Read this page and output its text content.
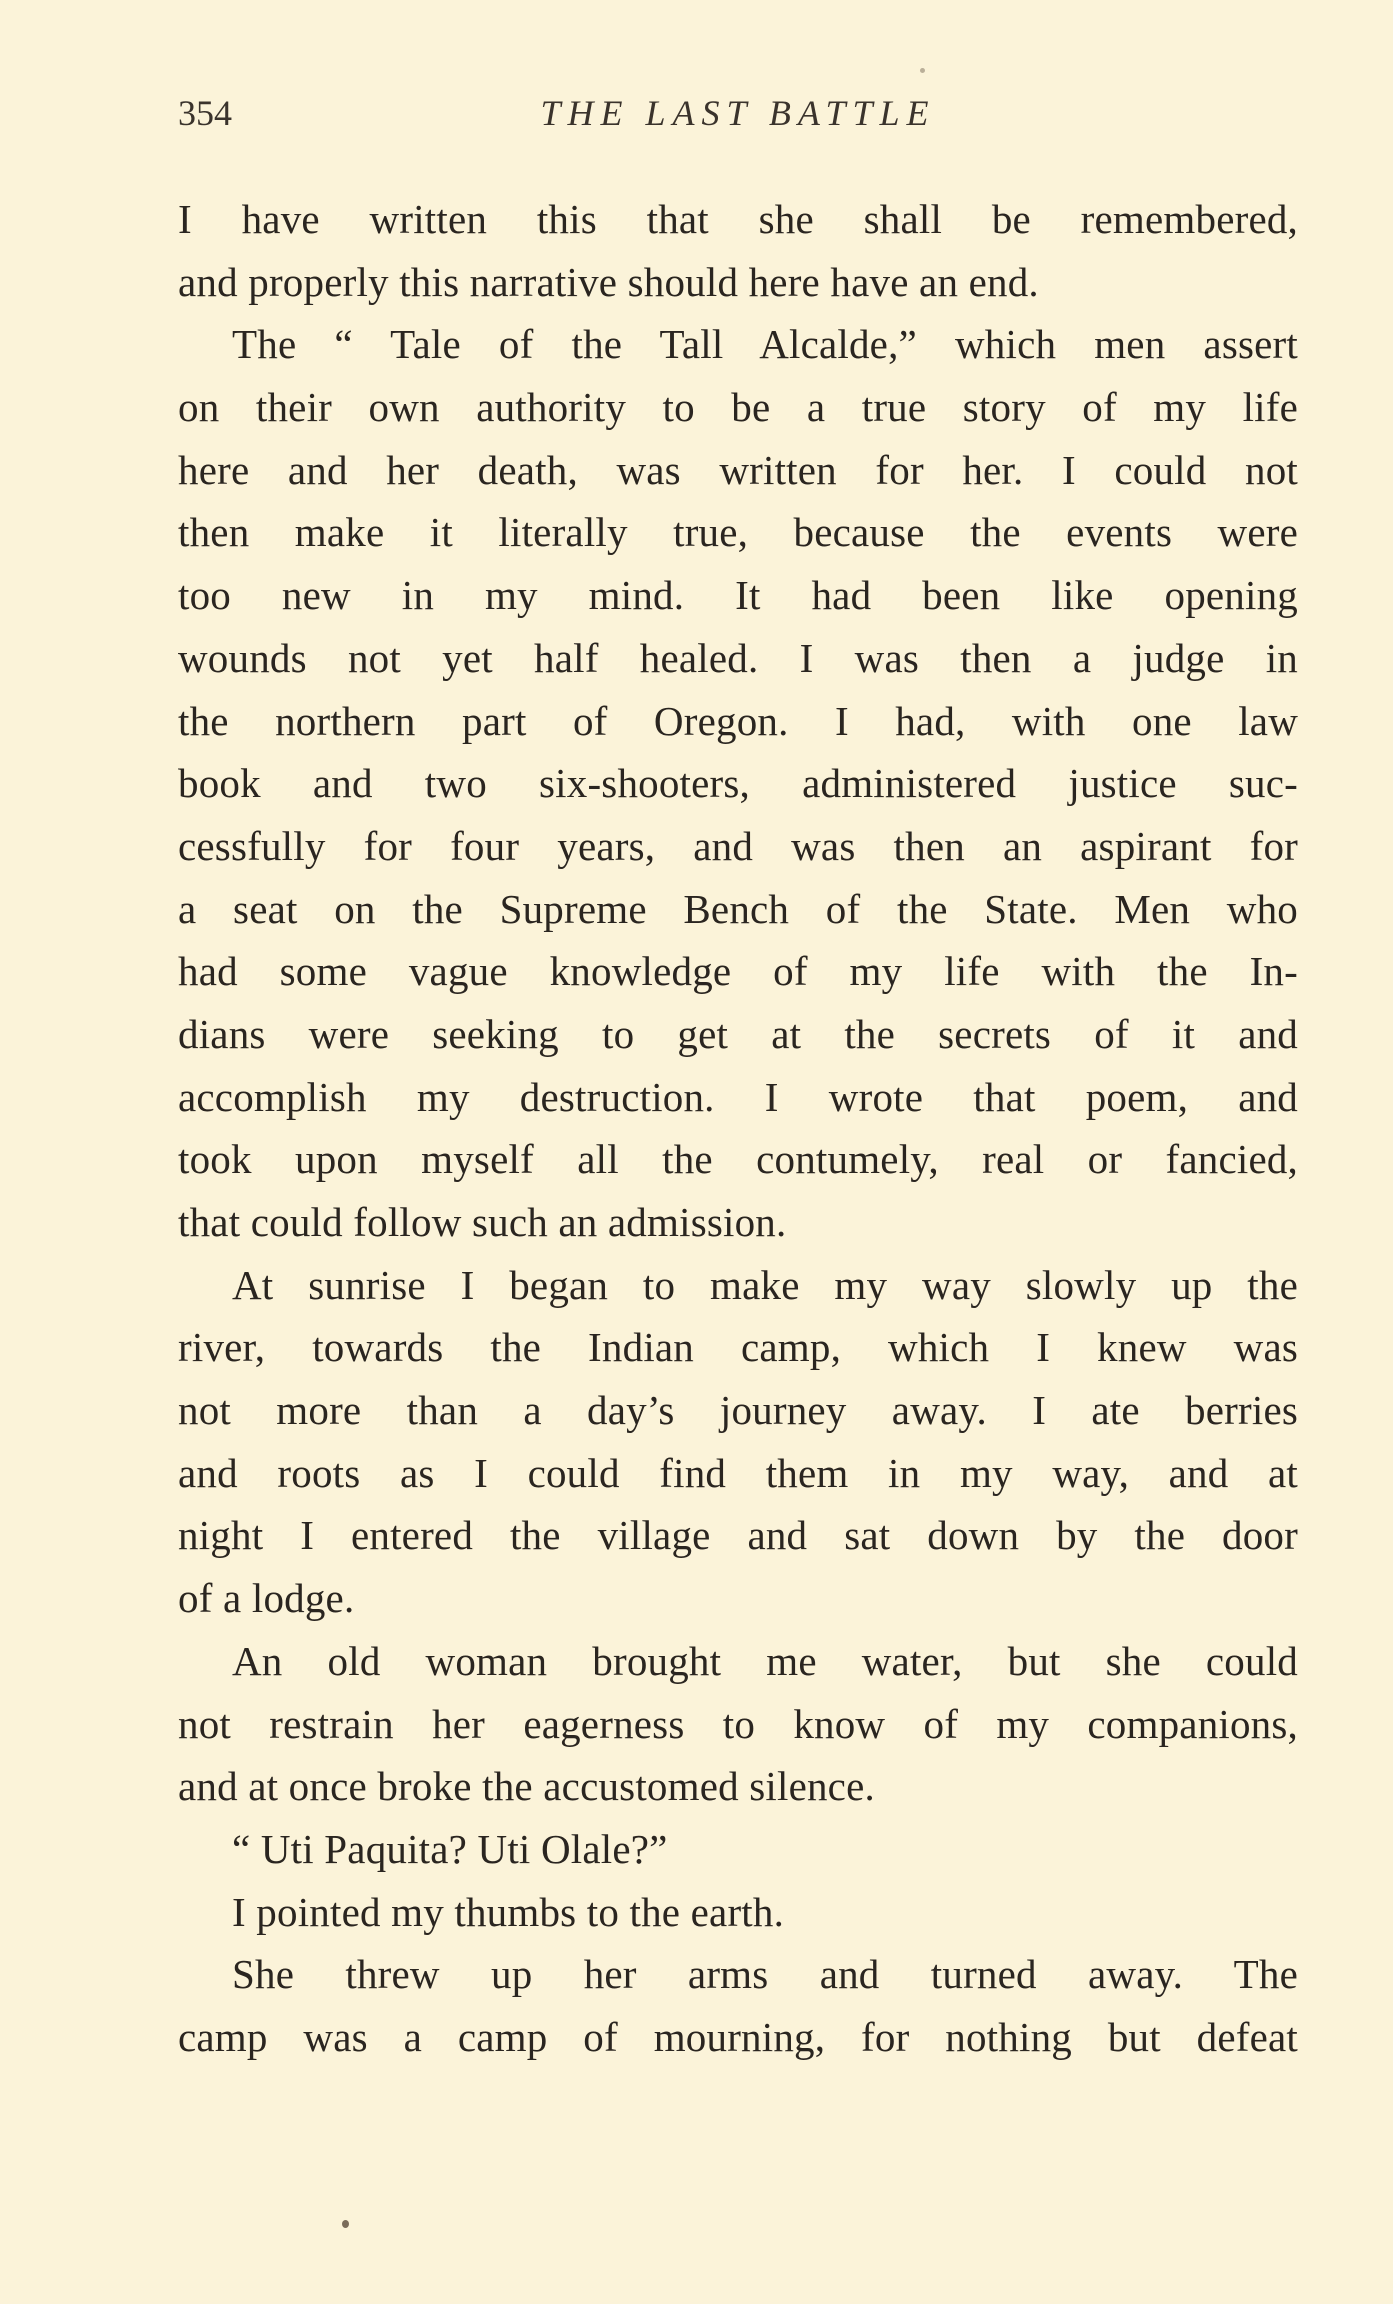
354	THE LAST BATTLE
I have written this that she shall be remembered,
and properly this narrative should here have an end.
The “ Tale of the Tall Alcalde,” which men assert
on their own authority to be a true story of my life
here and her death, was written for her. I could not
then make it literally true, because the events were
too new in my mind. It had been like opening
wounds not yet half healed. I was then a judge in
the northern part of Oregon. I had, with one law
book and two six-shooters, administered justice suc-
cessfully for four years, and was then an aspirant for
a seat on the Supreme Bench of the State. Men who
had some vague knowledge of my life with the In-
dians were seeking to get at the secrets of it and
accomplish my destruction. I wrote that poem, and
took upon myself all the contumely, real or fancied,
that could follow such an admission.
At sunrise I began to make my way slowly up the
river, towards the Indian camp, which I knew was
not more than a day’s journey away. I ate berries
and roots as I could find them in my way, and at
night I entered the village and sat down by the door
of a lodge.
An old woman brought me water, but she could
not restrain her eagerness to know of my companions,
and at once broke the accustomed silence.
“ Uti Paquita? Uti Olale?”
I pointed my thumbs to the earth.
She threw up her arms and turned away. The
camp was a camp of mourning, for nothing but defeat
